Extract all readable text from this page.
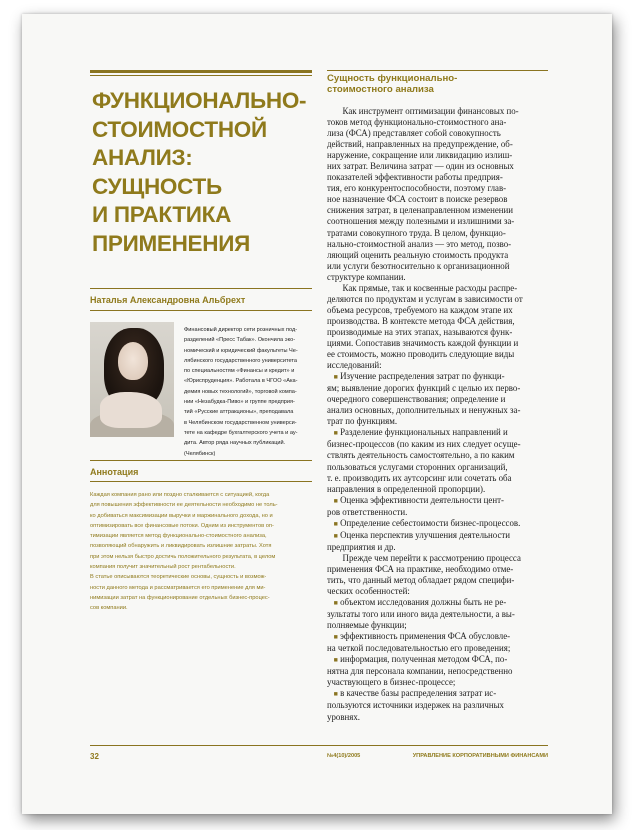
ФУНКЦИОНАЛЬНО-
СТОИМОСТНОЙ
АНАЛИЗ:
СУЩНОСТЬ
И ПРАКТИКА
ПРИМЕНЕНИЯ
Наталья Александровна Альбрехт
Финансовый директор сети розничных под-
разделений «Пресс Табак». Окончила эко-
номический и юридический факультеты Че-
лябинского государственного университета
по специальностям «Финансы и кредит» и
«Юриспруденция». Работала в ЧГОО «Ака-
демия новых технологий», торговой компа-
нии «Незабудка-Пиво» и группе предприя-
тий «Русские аттракционы», преподавала
в Челябинском государственном универси-
тете на кафедре бухгалтерского учета и ау-
дита. Автор ряда научных публикаций.
(Челябинск)
Аннотация
Каждая компания рано или поздно сталкивается с ситуацией, когда
для повышения эффективности ее деятельности необходимо не толь-
ко добиваться максимизации выручки и маржинального дохода, но и
оптимизировать все финансовые потоки. Одним из инструментов оп-
тимизации является метод функционально-стоимостного анализа,
позволяющий обнаружить и ликвидировать излишние затраты. Хотя
при этом нельзя быстро достичь положительного результата, в целом
компания получит значительный рост рентабельности.
В статье описываются теоретические основы, сущность и возмож-
ности данного метода и рассматривается его применение для ми-
нимизации затрат на функционирование отдельных бизнес-процес-
сов компании.
Сущность функционально-
стоимостного анализа
Как инструмент оптимизации финансовых по-
токов метод функционально-стоимостного ана-
лиза (ФСА) представляет собой совокупность
действий, направленных на предупреждение, об-
наружение, сокращение или ликвидацию излиш-
них затрат. Величина затрат — один из основных
показателей эффективности работы предприя-
тия, его конкурентоспособности, поэтому глав-
ное назначение ФСА состоит в поиске резервов
снижения затрат, в целенаправленном изменении
соотношения между полезными и излишними за-
тратами совокупного труда. В целом, функцио-
нально-стоимостной анализ — это метод, позво-
ляющий оценить реальную стоимость продукта
или услуги безотносительно к организационной
структуре компании.
Как прямые, так и косвенные расходы распре-
деляются по продуктам и услугам в зависимости от
объема ресурсов, требуемого на каждом этапе их
производства. В контексте метода ФСА действия,
производимые на этих этапах, называются функ-
циями. Сопоставив значимость каждой функции и
ее стоимость, можно проводить следующие виды
исследований:
■ Изучение распределения затрат по функци-
ям; выявление дорогих функций с целью их перво-
очередного совершенствования; определение и
анализ основных, дополнительных и ненужных за-
трат по функциям.
■ Разделение функциональных направлений и
бизнес-процессов (по каким из них следует осуще-
ствлять деятельность самостоятельно, а по каким
пользоваться услугами сторонних организаций,
т. е. производить их аутсорсинг или сочетать оба
направления в определенной пропорции).
■ Оценка эффективности деятельности цент-
ров ответственности.
■ Определение себестоимости бизнес-процессов.
■ Оценка перспектив улучшения деятельности
предприятия и др.
Прежде чем перейти к рассмотрению процесса
применения ФСА на практике, необходимо отме-
тить, что данный метод обладает рядом специфи-
ческих особенностей:
■ объектом исследования должны быть не ре-
зультаты того или иного вида деятельности, а вы-
полняемые функции;
■ эффективность применения ФСА обусловле-
на четкой последовательностью его проведения;
■ информация, полученная методом ФСА, по-
нятна для персонала компании, непосредственно
участвующего в бизнес-процессе;
■ в качестве базы распределения затрат ис-
пользуются источники издержек на различных
уровнях.
32	№4(10)/2005	УПРАВЛЕНИЕ КОРПОРАТИВНЫМИ ФИНАНСАМИ
